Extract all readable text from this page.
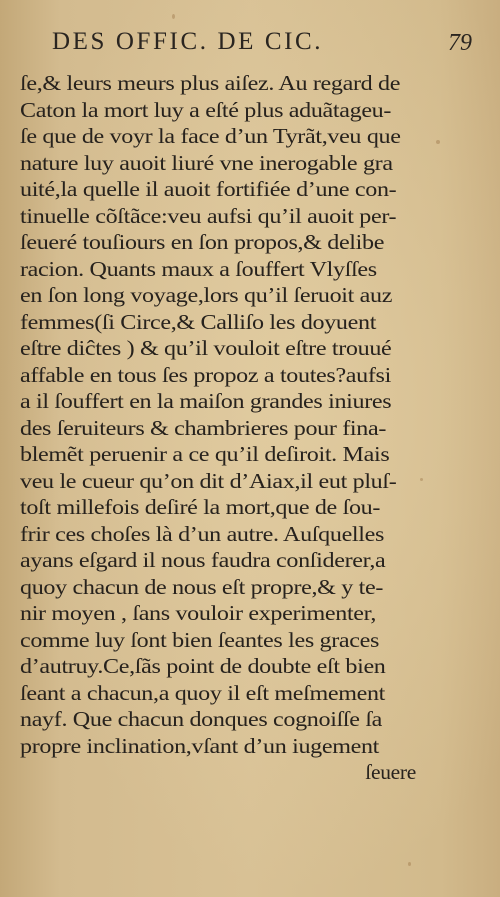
DES OFFIC. DE CIC.	79
ſe,& leurs meurs plus aiſez. Au regard de
Caton la mort luy a eſté plus aduãtageu-
ſe que de voyr la face d’un Tyrãt,veu que
nature luy auoit liuré vne inerogable gra
uité,la quelle il auoit fortifiée d’une con-
tinuelle cõſtãce:veu aufsi qu’il auoit per-
ſeueré touſiours en ſon propos,& delibe
racion. Quants maux a ſouffert Vlyſſes
en ſon long voyage,lors qu’il ſeruoit auz
femmes(ſi Circe,& Calliſo les doyuent
eſtre diĉtes ) & qu’il vouloit eſtre trouué
affable en tous ſes propoz a toutes?aufsi
a il ſouffert en la maiſon grandes iniures
des ſeruiteurs & chambrieres pour fina-
blemẽt peruenir a ce qu’il deſiroit. Mais
veu le cueur qu’on dit d’Aiax,il eut pluſ-
toſt millefois deſiré la mort,que de ſou-
frir ces choſes là d’un autre. Auſquelles
ayans eſgard il nous faudra conſiderer,a
quoy chacun de nous eſt propre,& y te-
nir moyen , ſans vouloir experimenter,
comme luy ſont bien ſeantes les graces
d’autruy.Ce,ſãs point de doubte eſt bien
ſeant a chacun,a quoy il eſt meſmement
nayf. Que chacun donques cognoiſſe ſa
propre inclination,vſant d’un iugement
ſeuere
